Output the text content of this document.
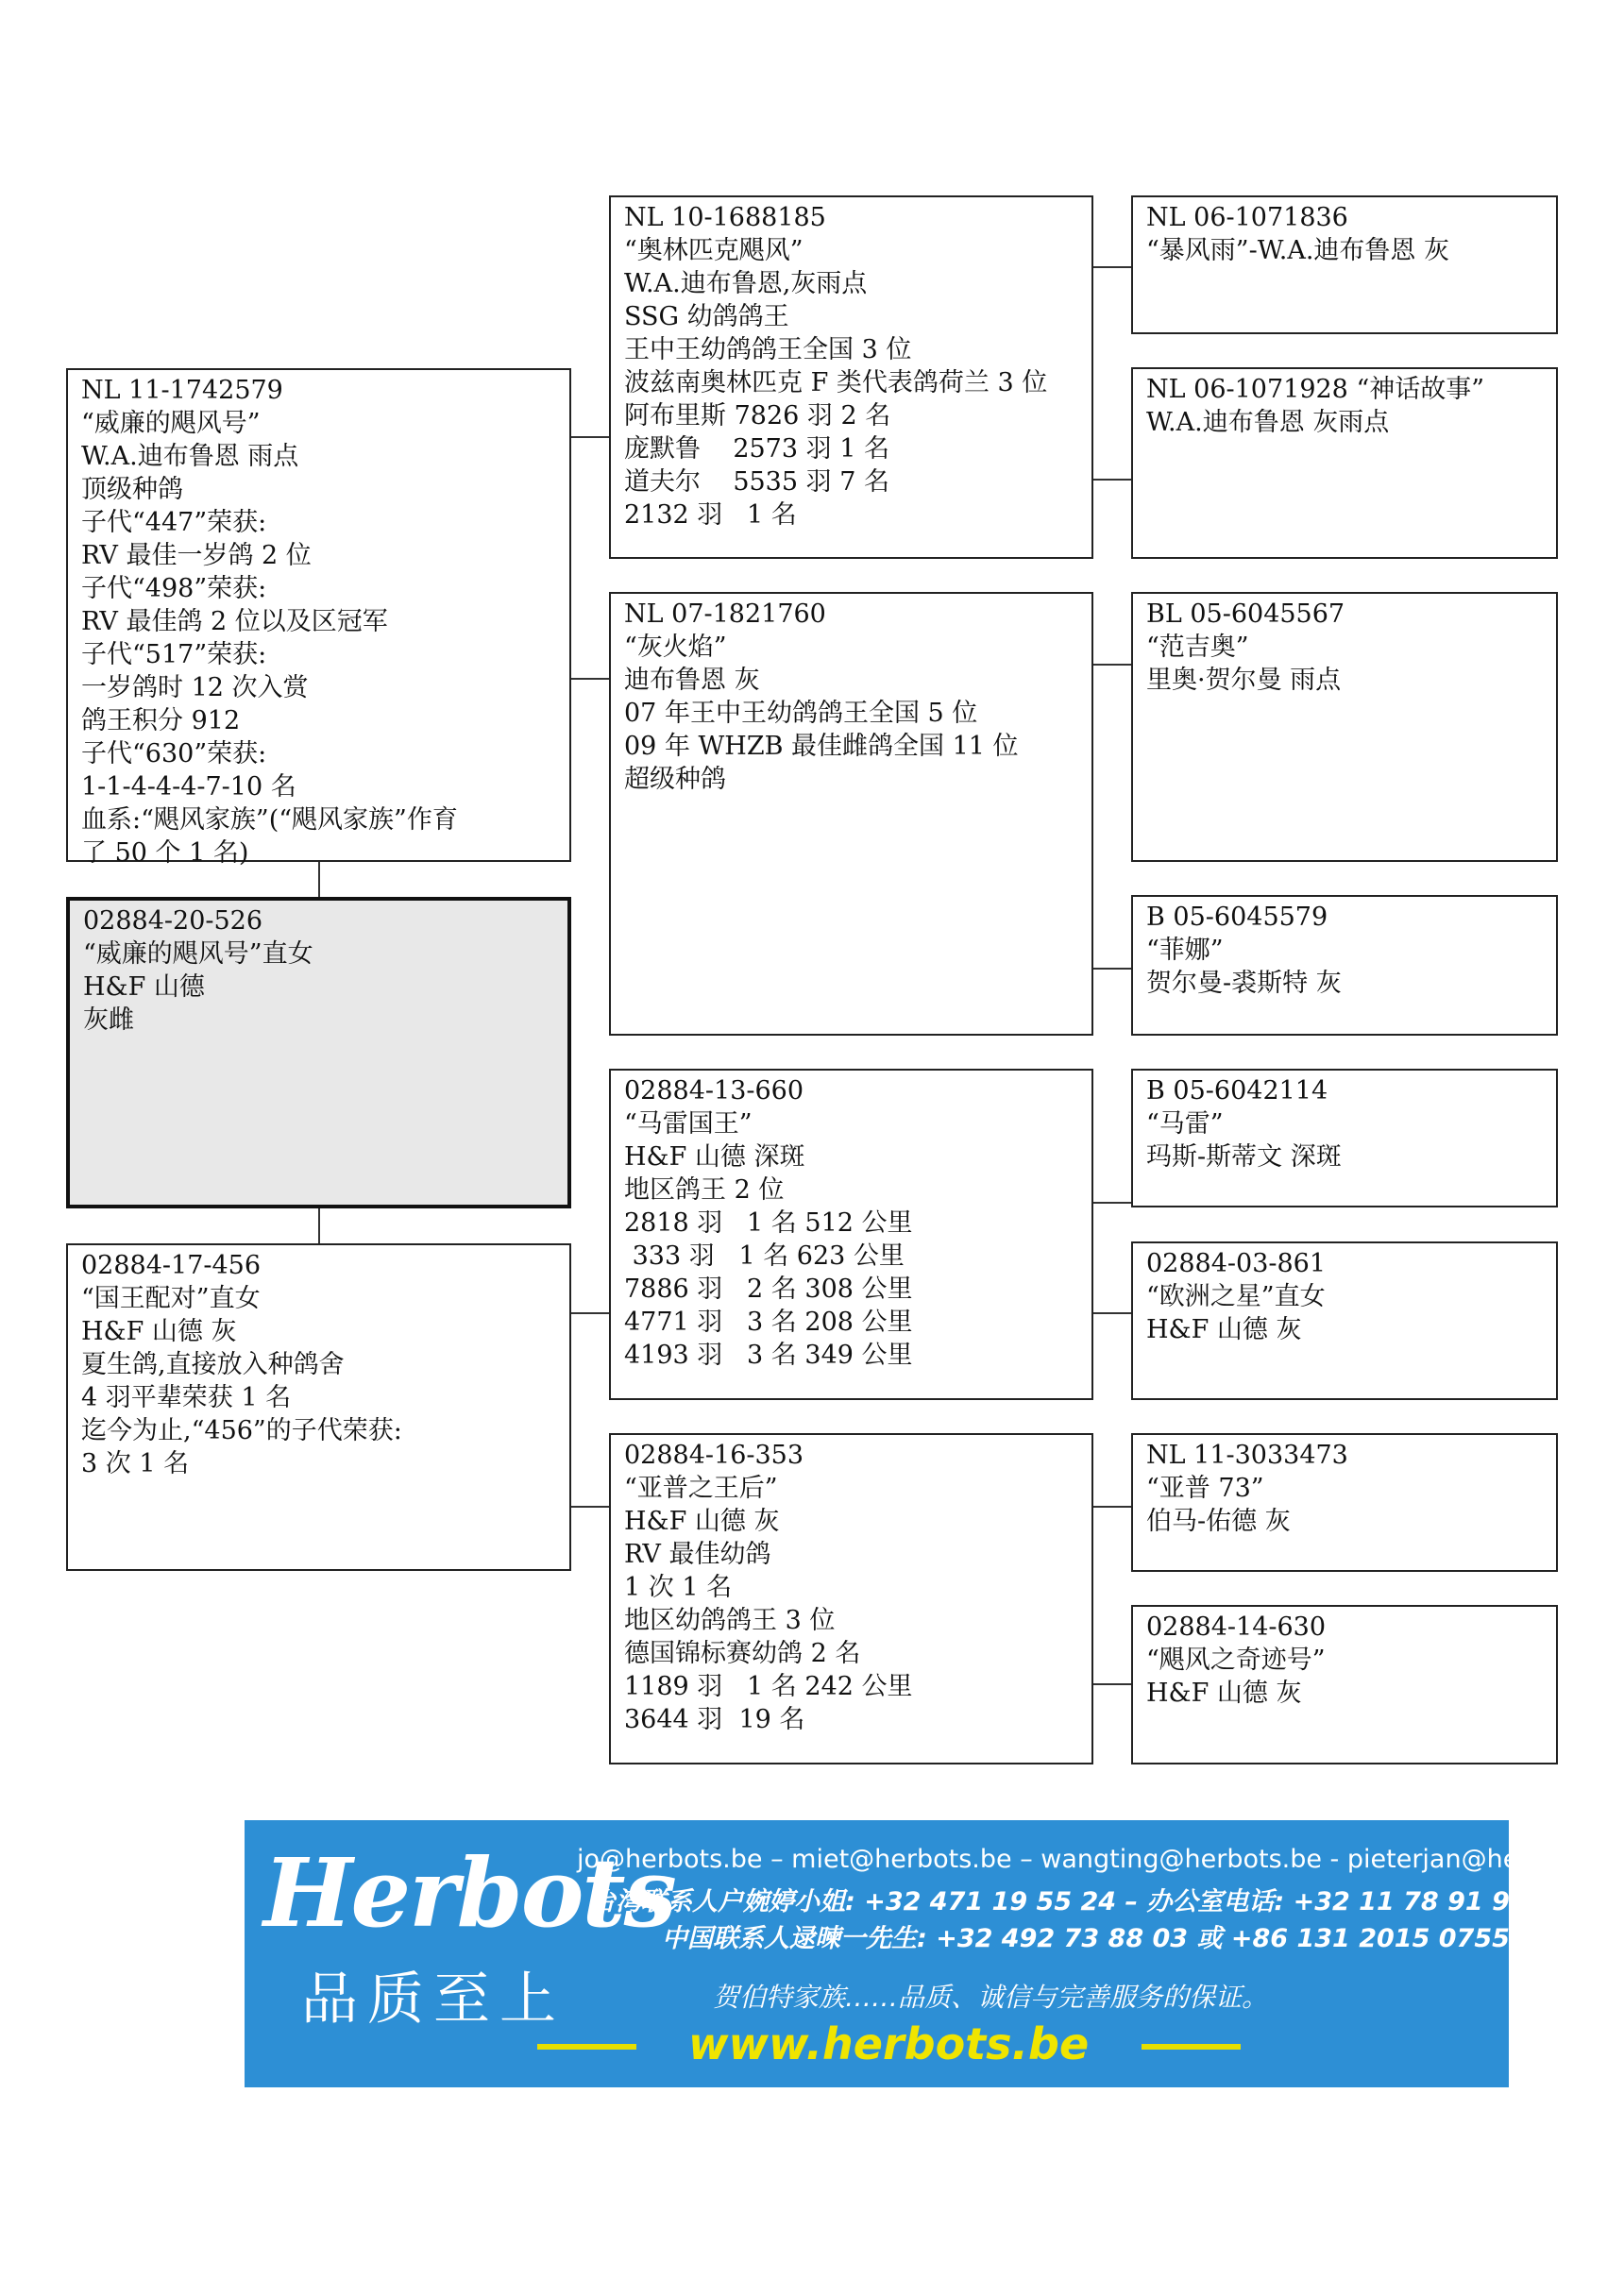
NL 11-1742579
“威廉的飓风号”
W.A.迪布鲁恩 雨点
顶级种鸽
子代“447”荣获:
RV 最佳一岁鸽 2 位
子代“498”荣获:
RV 最佳鸽 2 位以及区冠军
子代“517”荣获:
一岁鸽时 12 次入赏
鸽王积分 912
子代“630”荣获:
1-1-4-4-4-7-10 名
血系:“飓风家族”(“飓风家族”作育
了 50 个 1 名)
02884-20-526
“威廉的飓风号”直女
H&F 山德
灰雌
02884-17-456
“国王配对”直女
H&F 山德 灰
夏生鸽,直接放入种鸽舍
4 羽平辈荣获 1 名
迄今为止,“456”的子代荣获:
3 次 1 名
NL 10-1688185
“奥林匹克飓风”
W.A.迪布鲁恩,灰雨点
SSG 幼鸽鸽王
王中王幼鸽鸽王全国 3 位
波兹南奥林匹克 F 类代表鸽荷兰 3 位
阿布里斯 7826 羽 2 名
庞默鲁    2573 羽 1 名
道夫尔    5535 羽 7 名
2132 羽   1 名
NL 07-1821760
“灰火焰”
迪布鲁恩 灰
07 年王中王幼鸽鸽王全国 5 位
09 年 WHZB 最佳雌鸽全国 11 位
超级种鸽
02884-13-660
“马雷国王”
H&F 山德 深斑
地区鸽王 2 位
2818 羽   1 名 512 公里
333 羽   1 名 623 公里
7886 羽   2 名 308 公里
4771 羽   3 名 208 公里
4193 羽   3 名 349 公里
02884-16-353
“亚普之王后”
H&F 山德 灰
RV 最佳幼鸽
1 次 1 名
地区幼鸽鸽王 3 位
德国锦标赛幼鸽 2 名
1189 羽   1 名 242 公里
3644 羽  19 名
NL 06-1071836
“暴风雨”-W.A.迪布鲁恩 灰
NL 06-1071928 “神话故事”
W.A.迪布鲁恩 灰雨点
BL 05-6045567
“范吉奥”
里奥·贺尔曼 雨点
B 05-6045579
“菲娜”
贺尔曼-裘斯特 灰
B 05-6042114
“马雷”
玛斯-斯蒂文 深斑
02884-03-861
“欧洲之星”直女
H&F 山德 灰
NL 11-3033473
“亚普 73”
伯马-佑德 灰
02884-14-630
“飓风之奇迹号”
H&F 山德 灰
Herbots
品质至上
jo@herbots.be – miet@herbots.be – wangting@herbots.be - pieterjan@herbots.be
台湾联系人户婉婷小姐: +32 471 19 55 24 – 办公室电话: +32 11 78 91 90
中国联系人逯暕一先生: +32 492 73 88 03 或 +86 131 2015 0755
贺伯特家族……品质、诚信与完善服务的保证。
www.herbots.be
